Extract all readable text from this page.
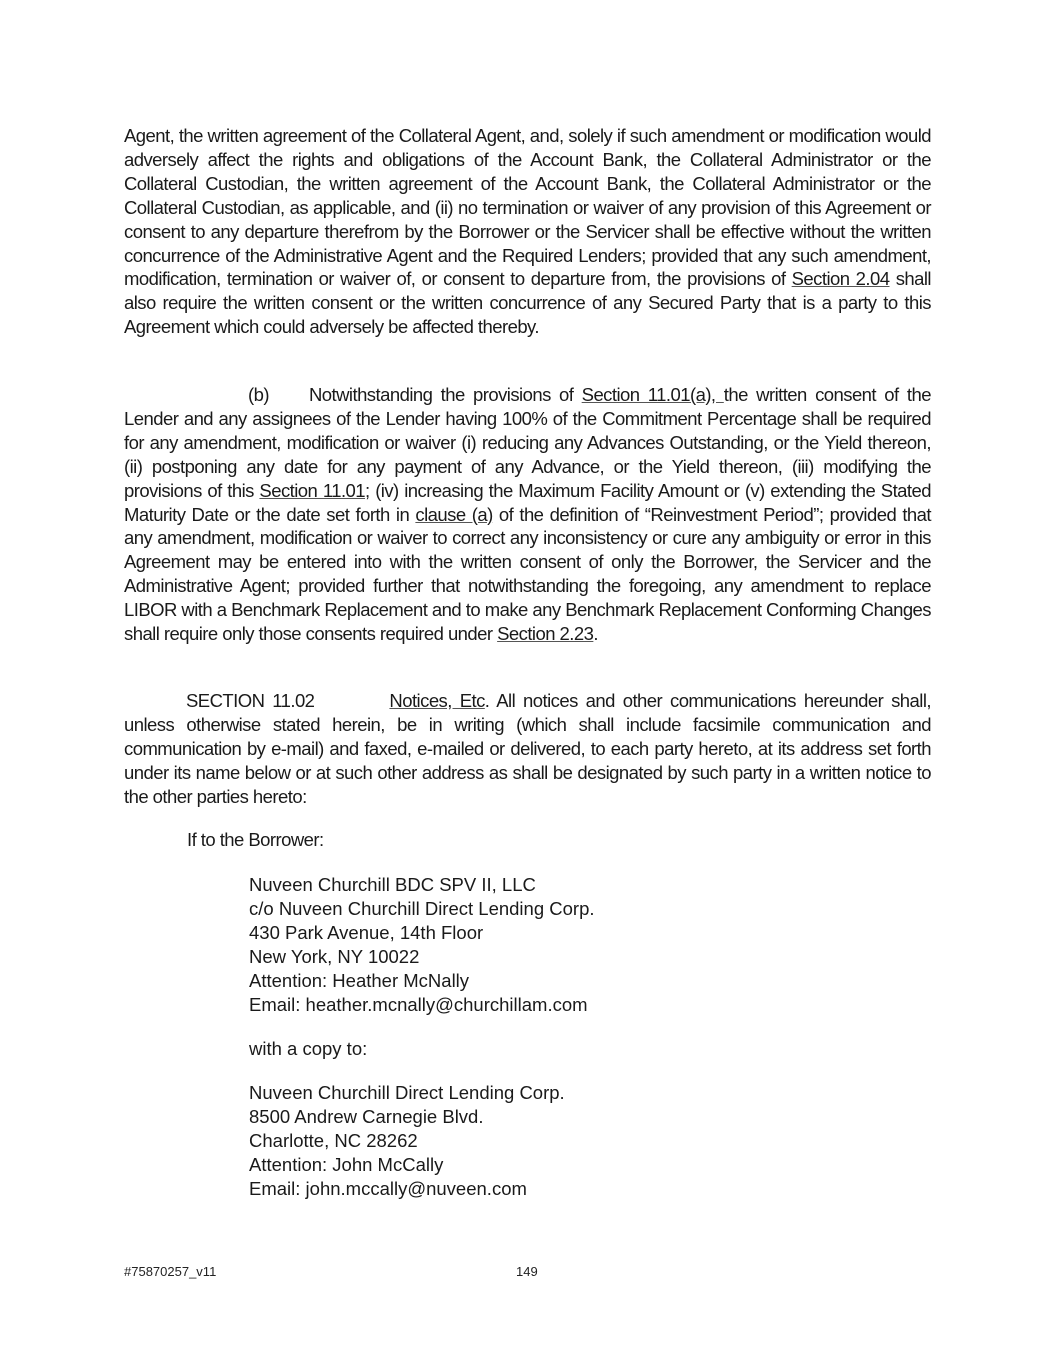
Agent, the written agreement of the Collateral Agent, and, solely if such amendment or modification would adversely affect the rights and obligations of the Account Bank, the Collateral Administrator or the Collateral Custodian, the written agreement of the Account Bank, the Collateral Administrator or the Collateral Custodian, as applicable, and (ii) no termination or waiver of any provision of this Agreement or consent to any departure therefrom by the Borrower or the Servicer shall be effective without the written concurrence of the Administrative Agent and the Required Lenders; provided that any such amendment, modification, termination or waiver of, or consent to departure from, the provisions of Section 2.04 shall also require the written consent or the written concurrence of any Secured Party that is a party to this Agreement which could adversely be affected thereby.

(b) Notwithstanding the provisions of Section 11.01(a), the written consent of the Lender and any assignees of the Lender having 100% of the Commitment Percentage shall be required for any amendment, modification or waiver (i) reducing any Advances Outstanding, or the Yield thereon, (ii) postponing any date for any payment of any Advance, or the Yield thereon, (iii) modifying the provisions of this Section 11.01; (iv) increasing the Maximum Facility Amount or (v) extending the Stated Maturity Date or the date set forth in clause (a) of the definition of “Reinvestment Period”; provided that any amendment, modification or waiver to correct any inconsistency or cure any ambiguity or error in this Agreement may be entered into with the written consent of only the Borrower, the Servicer and the Administrative Agent; provided further that notwithstanding the foregoing, any amendment to replace LIBOR with a Benchmark Replacement and to make any Benchmark Replacement Conforming Changes shall require only those consents required under Section 2.23.

SECTION 11.02	Notices, Etc. All notices and other communications hereunder shall, unless otherwise stated herein, be in writing (which shall include facsimile communication and communication by e-mail) and faxed, e-mailed or delivered, to each party hereto, at its address set forth under its name below or at such other address as shall be designated by such party in a written notice to the other parties hereto:

If to the Borrower:

Nuveen Churchill BDC SPV II, LLC
c/o Nuveen Churchill Direct Lending Corp.
430 Park Avenue, 14th Floor
New York, NY 10022
Attention: Heather McNally
Email: heather.mcnally@churchillam.com
with a copy to:
Nuveen Churchill Direct Lending Corp.
8500 Andrew Carnegie Blvd.
Charlotte, NC 28262
Attention: John McCally
Email: john.mccally@nuveen.com
#75870257_v11	149
